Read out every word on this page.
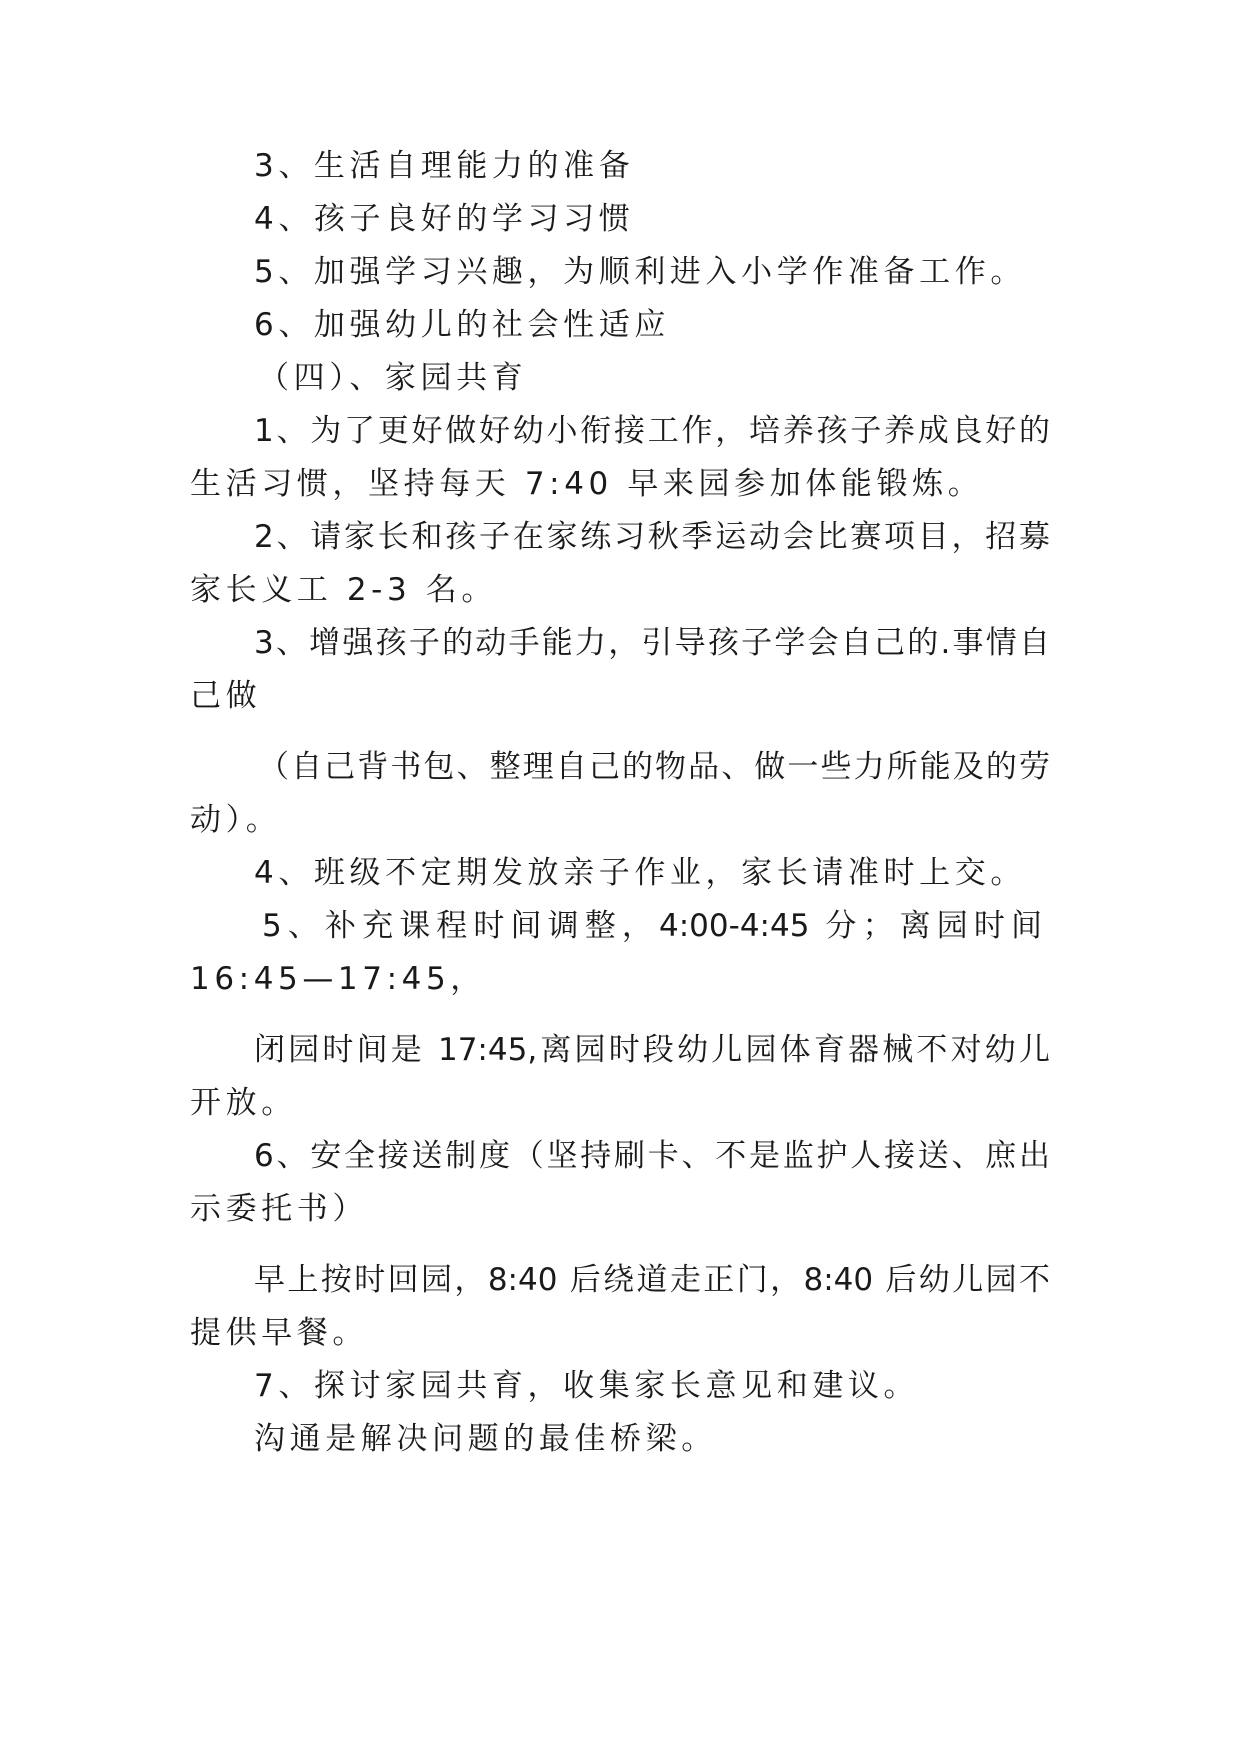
3、生活自理能力的准备
4、孩子良好的学习习惯
5、加强学习兴趣，为顺利进入小学作准备工作。
6、加强幼儿的社会性适应
（四）、家园共育
1、为了更好做好幼小衔接工作，培养孩子养成良好的
生活习惯，坚持每天 7:40 早来园参加体能锻炼。
2、请家长和孩子在家练习秋季运动会比赛项目，招募
家长义工 2-3 名。
3、增强孩子的动手能力，引导孩子学会自己的.事情自
己做
（自己背书包、整理自己的物品、做一些力所能及的劳
动）。
4、班级不定期发放亲子作业，家长请准时上交。
5、补充课程时间调整，4:00-4:45 分；离园时间
16:45—17:45，
闭园时间是 17:45,离园时段幼儿园体育器械不对幼儿
开放。
6、安全接送制度（坚持刷卡、不是监护人接送、庶出
示委托书）
早上按时回园，8:40 后绕道走正门，8:40 后幼儿园不
提供早餐。
7、探讨家园共育，收集家长意见和建议。
沟通是解决问题的最佳桥梁。
